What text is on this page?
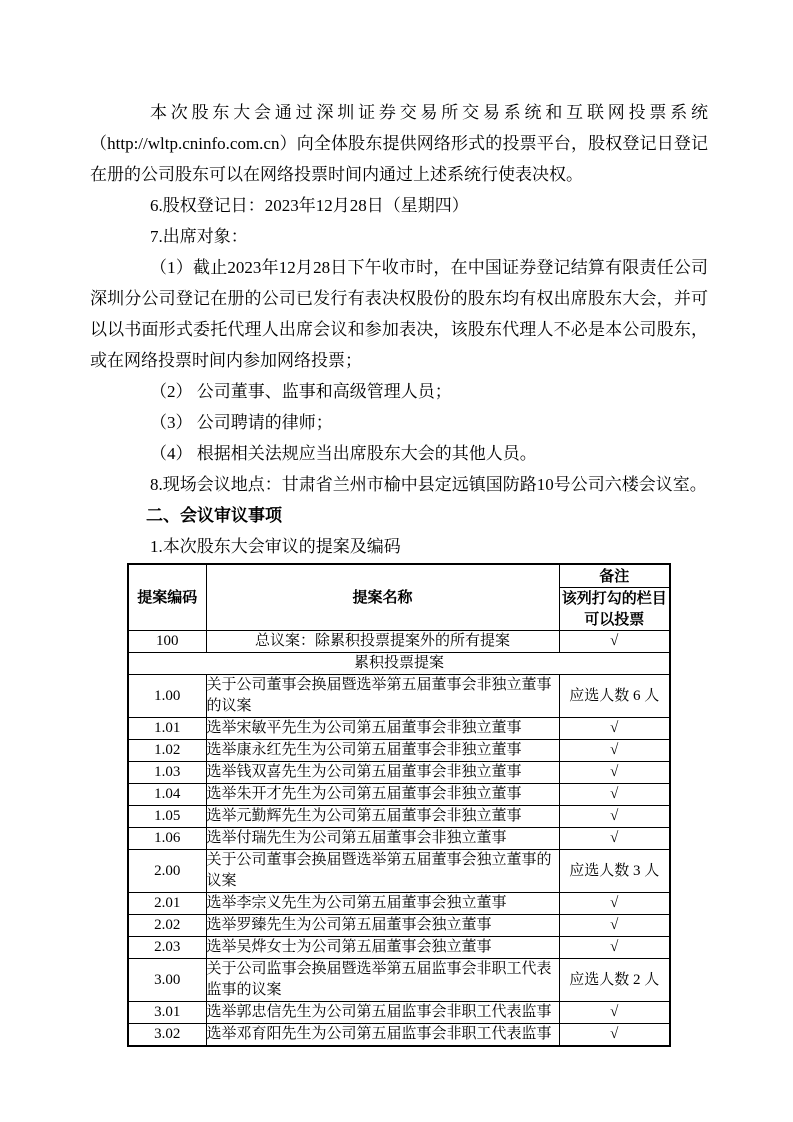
本次股东大会通过深圳证券交易所交易系统和互联网投票系统（http://wltp.cninfo.com.cn）向全体股东提供网络形式的投票平台，股权登记日登记在册的公司股东可以在网络投票时间内通过上述系统行使表决权。

6.股权登记日：2023年12月28日（星期四）

7.出席对象：

（1）截止2023年12月28日下午收市时，在中国证券登记结算有限责任公司深圳分公司登记在册的公司已发行有表决权股份的股东均有权出席股东大会，并可以以书面形式委托代理人出席会议和参加表决，该股东代理人不必是本公司股东，或在网络投票时间内参加网络投票；

（2） 公司董事、监事和高级管理人员；

（3） 公司聘请的律师；

（4） 根据相关法规应当出席股东大会的其他人员。

8.现场会议地点：甘肃省兰州市榆中县定远镇国防路10号公司六楼会议室。

二、会议审议事项

1.本次股东大会审议的提案及编码

提案编码	提案名称	备注
		该列打勾的栏目可以投票
100	总议案：除累积投票提案外的所有提案	√
累积投票提案		
1.00	关于公司董事会换届暨选举第五届董事会非独立董事的议案	应选人数 6 人
1.01	选举宋敏平先生为公司第五届董事会非独立董事	√
1.02	选举康永红先生为公司第五届董事会非独立董事	√
1.03	选举钱双喜先生为公司第五届董事会非独立董事	√
1.04	选举朱开才先生为公司第五届董事会非独立董事	√
1.05	选举元勤辉先生为公司第五届董事会非独立董事	√
1.06	选举付瑞先生为公司第五届董事会非独立董事	√
2.00	关于公司董事会换届暨选举第五届董事会独立董事的议案	应选人数 3 人
2.01	选举李宗义先生为公司第五届董事会独立董事	√
2.02	选举罗臻先生为公司第五届董事会独立董事	√
2.03	选举吴烨女士为公司第五届董事会独立董事	√
3.00	关于公司监事会换届暨选举第五届监事会非职工代表监事的议案	应选人数 2 人
3.01	选举郭忠信先生为公司第五届监事会非职工代表监事	√
3.02	选举邓育阳先生为公司第五届监事会非职工代表监事	√
